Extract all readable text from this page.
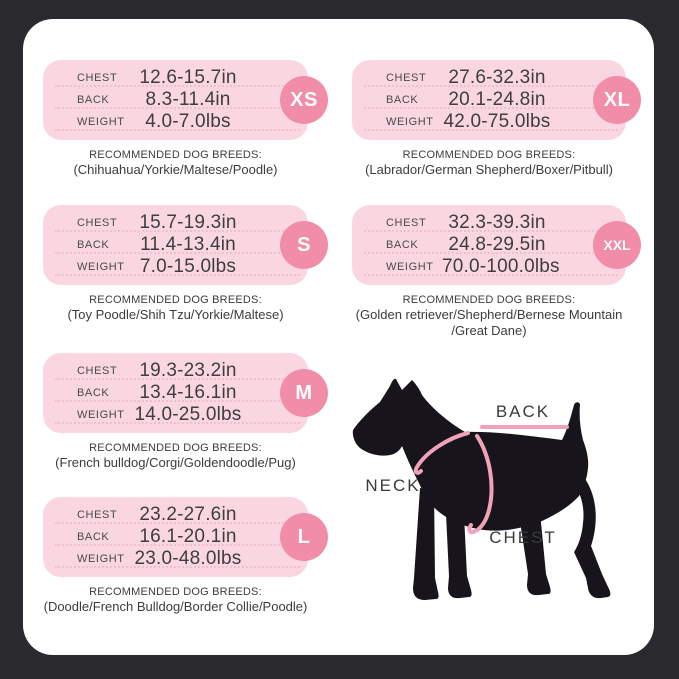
CHEST	12.6-15.7in
BACK	8.3-11.4in
WEIGHT	4.0-7.0lbs
XS
RECOMMENDED DOG BREEDS:
(Chihuahua/Yorkie/Maltese/Poodle)
CHEST	15.7-19.3in
BACK	11.4-13.4in
WEIGHT 7.0-15.0lbs
S
RECOMMENDED DOG BREEDS:
(Toy Poodle/Shih Tzu/Yorkie/Maltese)
CHEST	19.3-23.2in
BACK	13.4-16.1in
WEIGHT 14.0-25.0lbs
M
RECOMMENDED DOG BREEDS:
(French bulldog/Corgi/Goldendoodle/Pug)
CHEST	23.2-27.6in
BACK	16.1-20.1in
WEIGHT 23.0-48.0lbs
L
RECOMMENDED DOG BREEDS:
(Doodle/French Bulldog/Border Collie/Poodle)
CHEST	27.6-32.3in
BACK	20.1-24.8in
WEIGHT 42.0-75.0lbs
XL
RECOMMENDED DOG BREEDS:
(Labrador/German Shepherd/Boxer/Pitbull)
CHEST	32.3-39.3in
BACK	24.8-29.5in
WEIGHT 70.0-100.0lbs
XXL
RECOMMENDED DOG BREEDS:
(Golden retriever/Shepherd/Bernese Mountain
/Great Dane)
BACK
NECK
CHEST
